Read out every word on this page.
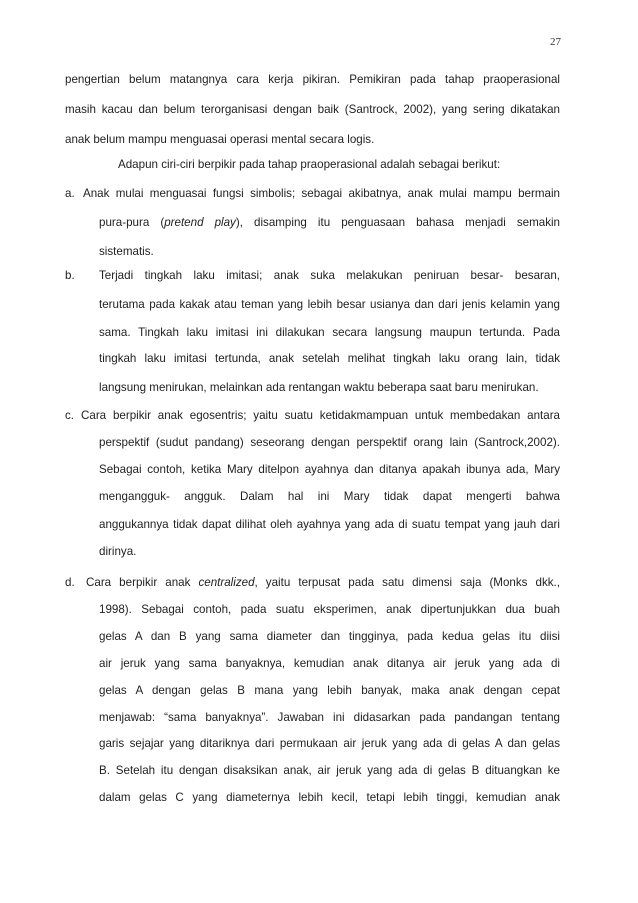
27
pengertian belum matangnya cara kerja pikiran. Pemikiran pada tahap praoperasional
masih kacau dan belum terorganisasi dengan baik (Santrock, 2002), yang sering dikatakan
anak belum mampu menguasai operasi mental secara logis.
Adapun ciri-ciri berpikir pada tahap praoperasional adalah sebagai berikut:
a. Anak mulai menguasai fungsi simbolis; sebagai akibatnya, anak mulai mampu bermain
pura-pura (pretend play), disamping itu penguasaan bahasa menjadi semakin
sistematis.
b. Terjadi tingkah laku imitasi; anak suka melakukan peniruan besar- besaran,
terutama pada kakak atau teman yang lebih besar usianya dan dari jenis kelamin yang
sama. Tingkah laku imitasi ini dilakukan secara langsung maupun tertunda. Pada
tingkah laku imitasi tertunda, anak setelah melihat tingkah laku orang lain, tidak
langsung menirukan, melainkan ada rentangan waktu beberapa saat baru menirukan.
c. Cara berpikir anak egosentris; yaitu suatu ketidakmampuan untuk membedakan antara
perspektif (sudut pandang) seseorang dengan perspektif orang lain (Santrock,2002).
Sebagai contoh, ketika Mary ditelpon ayahnya dan ditanya apakah ibunya ada, Mary
mengangguk- angguk. Dalam hal ini Mary tidak dapat mengerti bahwa
anggukannya tidak dapat dilihat oleh ayahnya yang ada di suatu tempat yang jauh dari
dirinya.
d. Cara berpikir anak centralized, yaitu terpusat pada satu dimensi saja (Monks dkk.,
1998). Sebagai contoh, pada suatu eksperimen, anak dipertunjukkan dua buah
gelas A dan B yang sama diameter dan tingginya, pada kedua gelas itu diisi
air jeruk yang sama banyaknya, kemudian anak ditanya air jeruk yang ada di
gelas A dengan gelas B mana yang lebih banyak, maka anak dengan cepat
menjawab: “sama banyaknya”. Jawaban ini didasarkan pada pandangan tentang
garis sejajar yang ditariknya dari permukaan air jeruk yang ada di gelas A dan gelas
B. Setelah itu dengan disaksikan anak, air jeruk yang ada di gelas B dituangkan ke
dalam gelas C yang diameternya lebih kecil, tetapi lebih tinggi, kemudian anak
